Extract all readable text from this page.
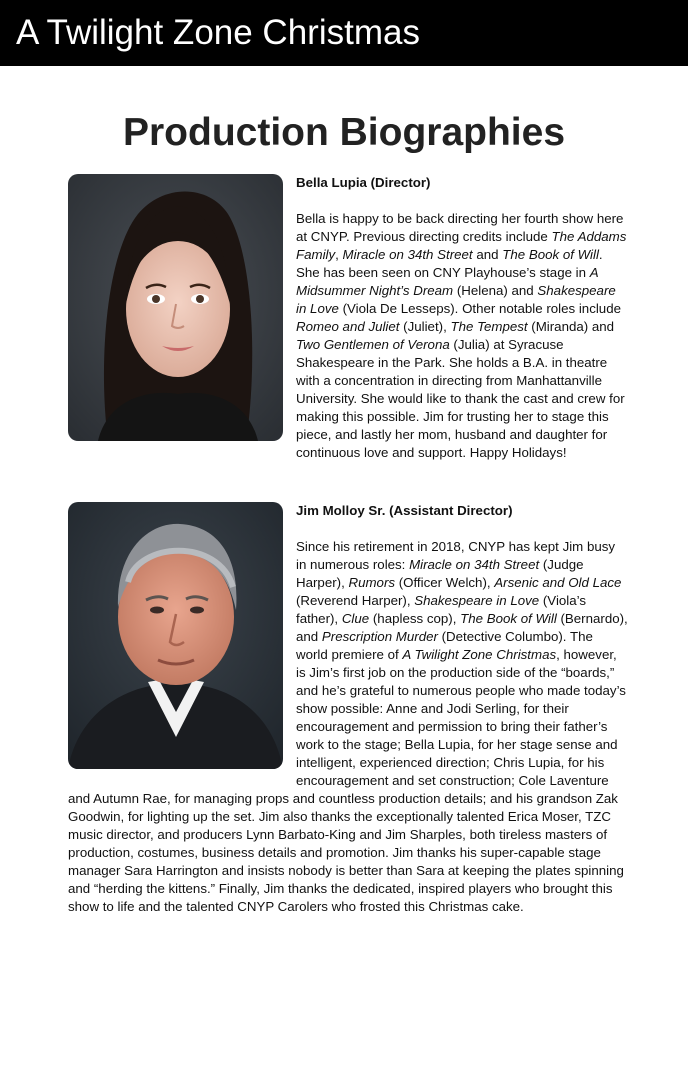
A Twilight Zone Christmas
Production Biographies

Bella Lupia (Director)

Bella is happy to be back directing her fourth show here at CNYP. Previous directing credits include The Addams Family, Miracle on 34th Street and The Book of Will. She has been seen on CNY Playhouse’s stage in A Midsummer Night’s Dream (Helena) and Shakespeare in Love (Viola De Lesseps). Other notable roles include Romeo and Juliet (Juliet), The Tempest (Miranda) and Two Gentlemen of Verona (Julia) at Syracuse Shakespeare in the Park. She holds a B.A. in theatre with a concentration in directing from Manhattanville University. She would like to thank the cast and crew for making this possible. Jim for trusting her to stage this piece, and lastly her mom, husband and daughter for continuous love and support. Happy Holidays!

Jim Molloy Sr. (Assistant Director)

Since his retirement in 2018, CNYP has kept Jim busy in numerous roles: Miracle on 34th Street (Judge Harper), Rumors (Officer Welch), Arsenic and Old Lace (Reverend Harper), Shakespeare in Love (Viola’s father), Clue (hapless cop), The Book of Will (Bernardo), and Prescription Murder (Detective Columbo). The world premiere of A Twilight Zone Christmas, however, is Jim’s first job on the production side of the “boards,” and he’s grateful to numerous people who made today’s show possible: Anne and Jodi Serling, for their encouragement and permission to bring their father’s work to the stage; Bella Lupia, for her stage sense and intelligent, experienced direction; Chris Lupia, for his encouragement and set construction; Cole Laventure and Autumn Rae, for managing props and countless production details; and his grandson Zak Goodwin, for lighting up the set. Jim also thanks the exceptionally talented Erica Moser, TZC music director, and producers Lynn Barbato-King and Jim Sharples, both tireless masters of production, costumes, business details and promotion. Jim thanks his super-capable stage manager Sara Harrington and insists nobody is better than Sara at keeping the plates spinning and “herding the kittens.” Finally, Jim thanks the dedicated, inspired players who brought this show to life and the talented CNYP Carolers who frosted this Christmas cake.
